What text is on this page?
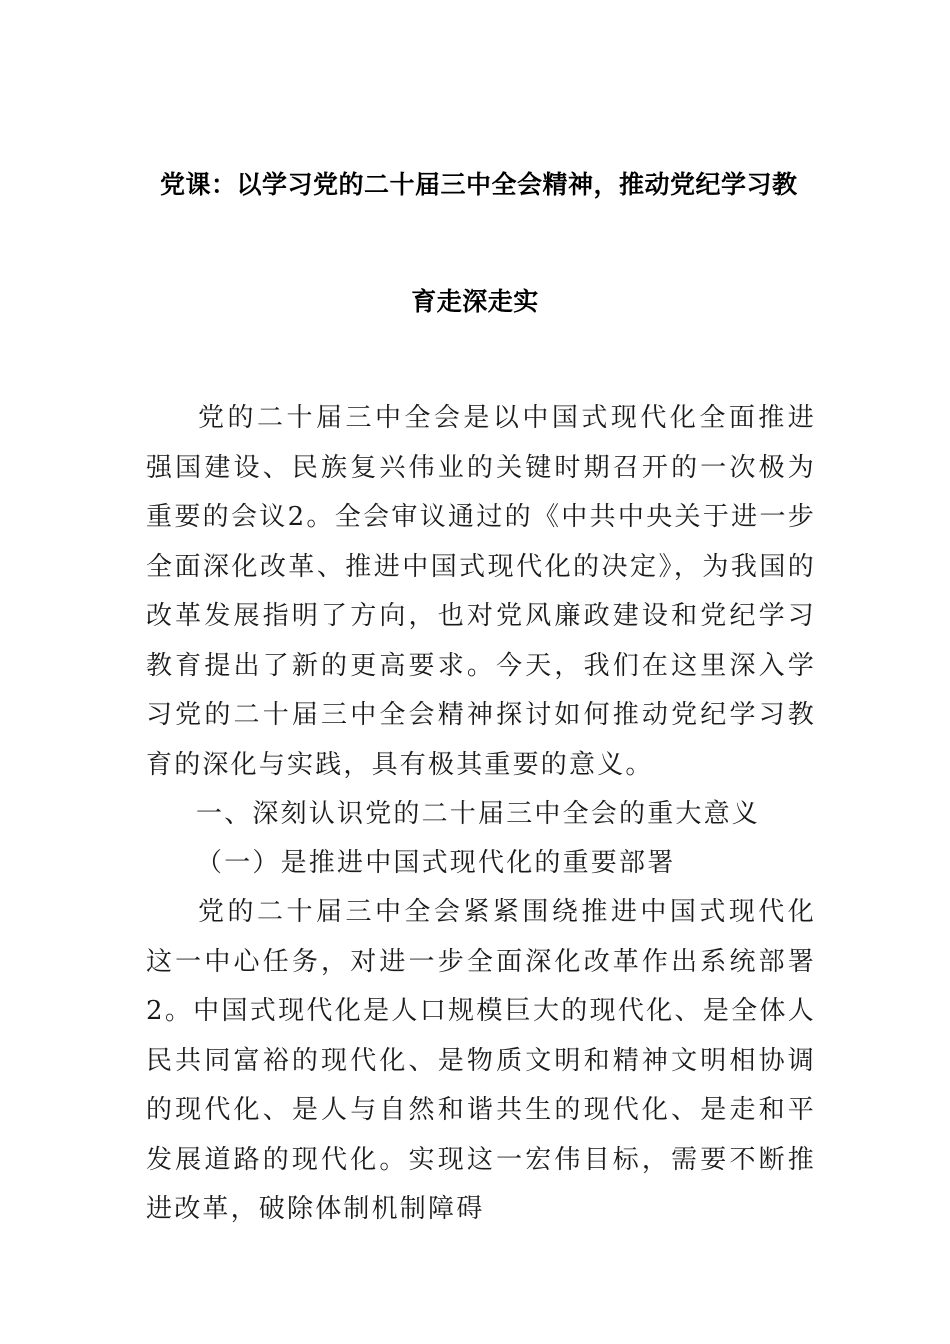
党课：以学习党的二十届三中全会精神，推动党纪学习教
育走深走实

党的二十届三中全会是以中国式现代化全面推进强国建设、民族复兴伟业的关键时期召开的一次极为重要的会议2。全会审议通过的《中共中央关于进一步全面深化改革、推进中国式现代化的决定》，为我国的改革发展指明了方向，也对党风廉政建设和党纪学习教育提出了新的更高要求。今天，我们在这里深入学习党的二十届三中全会精神探讨如何推动党纪学习教育的深化与实践，具有极其重要的意义。

一、深刻认识党的二十届三中全会的重大意义
（一）是推进中国式现代化的重要部署

党的二十届三中全会紧紧围绕推进中国式现代化这一中心任务，对进一步全面深化改革作出系统部署2。中国式现代化是人口规模巨大的现代化、是全体人民共同富裕的现代化、是物质文明和精神文明相协调的现代化、是人与自然和谐共生的现代化、是走和平发展道路的现代化。实现这一宏伟目标，需要不断推进改革，破除体制机制障碍
